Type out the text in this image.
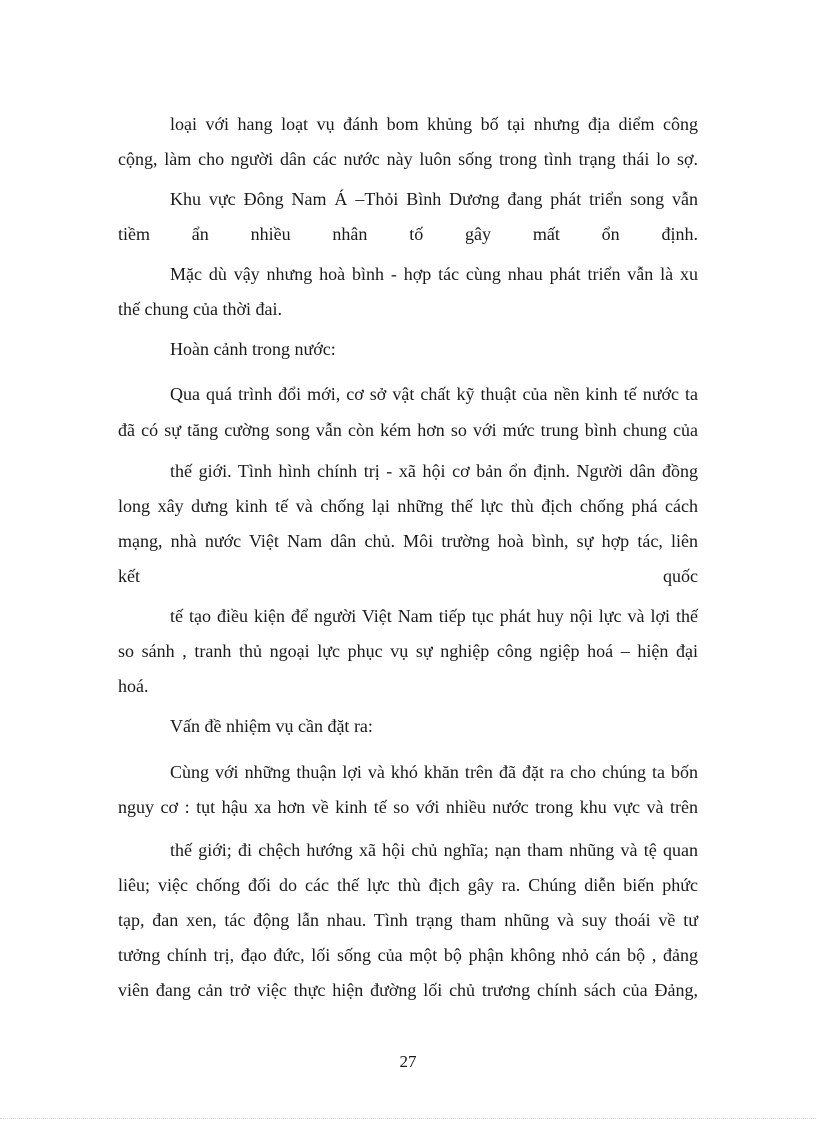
loại với hang loạt vụ đánh bom khủng bố tại nhưng địa diểm công
cộng, làm cho người dân các nước này luôn sống trong tình trạng thái lo sợ.
Khu vực Đông Nam Á –Thỏi Bình Dương đang phát triển song vẫn
tiềm ẩn nhiều nhân tố gây mất ổn định.
Mặc dù vậy nhưng hoà bình - hợp tác cùng nhau phát triển vẫn là xu
thế chung của thời đai.
Hoàn cảnh trong nước:
Qua quá trình đổi mới, cơ sở vật chất kỹ thuật của nền kinh tế nước ta
đã có sự tăng cường song vẫn còn kém hơn so với mức trung bình chung của
thế giới. Tình hình chính trị - xã hội cơ bản ổn định. Người dân đồng
long xây dưng kinh tế và chống lại những thế lực thù địch chống phá cách
mạng, nhà nước Việt Nam dân chủ. Môi trường hoà bình, sự hợp tác, liên
kết quốc
tế tạo điều kiện để người Việt Nam tiếp tục phát huy nội lực và lợi thế
so sánh , tranh thủ ngoại lực phục vụ sự nghiệp công ngiệp hoá – hiện đại
hoá.
Vấn đề nhiệm vụ cần đặt ra:
Cùng với những thuận lợi và khó khăn trên đã đặt ra cho chúng ta bốn
nguy cơ : tụt hậu xa hơn về kinh tế so với nhiều nước trong khu vực và trên
thế giới; đi chệch hướng xã hội chủ nghĩa; nạn tham nhũng và tệ quan
liêu; việc chống đối do các thế lực thù địch gây ra. Chúng diễn biến phức
tạp, đan xen, tác động lẫn nhau. Tình trạng tham nhũng và suy thoái về tư
tưởng chính trị, đạo đức, lối sống của một bộ phận không nhỏ cán bộ , đảng
viên đang cản trở việc thực hiện đường lối chủ trương chính sách của Đảng,
27
